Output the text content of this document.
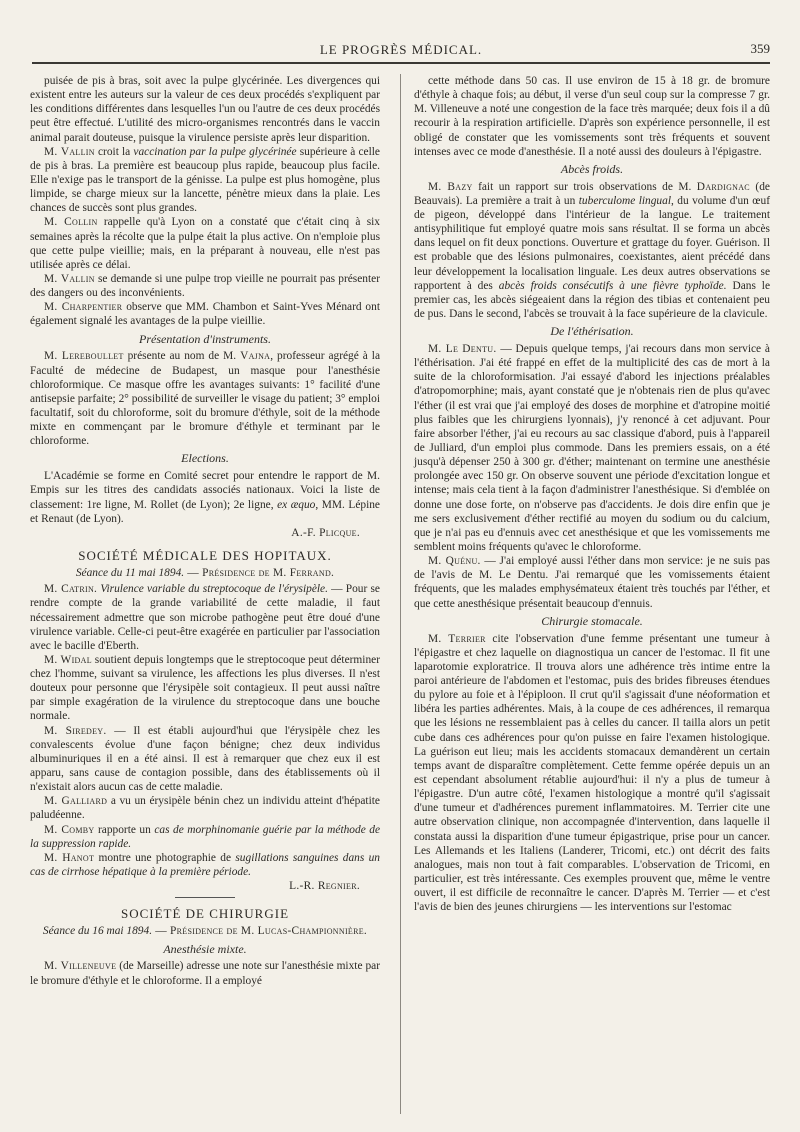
LE PROGRÈS MÉDICAL.	359

puisée de pis à bras, soit avec la pulpe glycérinée. Les divergences qui existent entre les auteurs sur la valeur de ces deux procédés s'expliquent par les conditions différentes dans lesquelles l'un ou l'autre de ces deux procédés peut être effectué. L'utilité des micro-organismes rencontrés dans le vaccin animal parait douteuse, puisque la virulence persiste après leur disparition.

M. Vallin croit la vaccination par la pulpe glycérinée supérieure à celle de pis à bras. La première est beaucoup plus rapide, beaucoup plus facile. Elle n'exige pas le transport de la génisse. La pulpe est plus homogène, plus limpide, se charge mieux sur la lancette, pénètre mieux dans la plaie. Les chances de succès sont plus grandes.

M. Collin rappelle qu'à Lyon on a constaté que c'était cinq à six semaines après la récolte que la pulpe était la plus active. On n'emploie plus que cette pulpe vieillie; mais, en la préparant à nouveau, elle n'est pas utilisée après ce délai.

M. Vallin se demande si une pulpe trop vieille ne pourrait pas présenter des dangers ou des inconvénients.

M. Charpentier observe que MM. Chambon et Saint-Yves Ménard ont également signalé les avantages de la pulpe vieillie.

Présentation d'instruments.

M. Lereboullet présente au nom de M. Vajna, professeur agrégé à la Faculté de médecine de Budapest, un masque pour l'anesthésie chloroformique. Ce masque offre les avantages suivants: 1° facilité d'une antisepsie parfaite; 2° possibilité de surveiller le visage du patient; 3° emploi facultatif, soit du chloroforme, soit du bromure d'éthyle, soit de la méthode mixte en commençant par le bromure d'éthyle et terminant par le chloroforme.

Elections.

L'Académie se forme en Comité secret pour entendre le rapport de M. Empis sur les titres des candidats associés nationaux. Voici la liste de classement: 1re ligne, M. Rollet (de Lyon); 2e ligne, ex æquo, MM. Lépine et Renaut (de Lyon).

A.-F. Plicque.

SOCIÉTÉ MÉDICALE DES HOPITAUX.

Séance du 11 mai 1894. — Présidence de M. Ferrand.

M. Catrin. Virulence variable du streptocoque de l'érysipèle. — Pour se rendre compte de la grande variabilité de cette maladie, il faut nécessairement admettre que son microbe pathogène peut être doué d'une virulence variable. Celle-ci peut-être exagérée en particulier par l'association avec le bacille d'Eberth.

M. Widal soutient depuis longtemps que le streptocoque peut déterminer chez l'homme, suivant sa virulence, les affections les plus diverses. Il n'est douteux pour personne que l'érysipèle soit contagieux. Il peut aussi naître par simple exagération de la virulence du streptocoque dans une bouche normale.

M. Siredey. — Il est établi aujourd'hui que l'érysipèle chez les convalescents évolue d'une façon bénigne; chez deux individus albuminuriques il en a été ainsi. Il est à remarquer que chez eux il est apparu, sans cause de contagion possible, dans des établissements où il n'existait alors aucun cas de cette maladie.

M. Galliard a vu un érysipèle bénin chez un individu atteint d'hépatite paludéenne.

M. Comby rapporte un cas de morphinomanie guérie par la méthode de la suppression rapide.

M. Hanot montre une photographie de sugillations sanguines dans un cas de cirrhose hépatique à la première période.

L.-R. Regnier.

SOCIÉTÉ DE CHIRURGIE

Séance du 16 mai 1894. — Présidence de M. Lucas-Championnière.

Anesthésie mixte.

M. Villeneuve (de Marseille) adresse une note sur l'anesthésie mixte par le bromure d'éthyle et le chloroforme. Il a employé

cette méthode dans 50 cas. Il use environ de 15 à 18 gr. de bromure d'éthyle à chaque fois; au début, il verse d'un seul coup sur la compresse 7 gr. M. Villeneuve a noté une congestion de la face très marquée; deux fois il a dû recourir à la respiration artificielle. D'après son expérience personnelle, il est obligé de constater que les vomissements sont très fréquents et souvent intenses avec ce mode d'anesthésie. Il a noté aussi des douleurs à l'épigastre.

Abcès froids.

M. Bazy fait un rapport sur trois observations de M. Dardignac (de Beauvais). La première a trait à un tuberculome lingual, du volume d'un œuf de pigeon, développé dans l'intérieur de la langue. Le traitement antisyphilitique fut employé quatre mois sans résultat. Il se forma un abcès dans lequel on fit deux ponctions. Ouverture et grattage du foyer. Guérison. Il est probable que des lésions pulmonaires, coexistantes, aient précédé dans leur développement la localisation linguale. Les deux autres observations se rapportent à des abcès froids consécutifs à une fièvre typhoïde. Dans le premier cas, les abcès siégeaient dans la région des tibias et contenaient peu de pus. Dans le second, l'abcès se trouvait à la face supérieure de la clavicule.

De l'éthérisation.

M. Le Dentu. — Depuis quelque temps, j'ai recours dans mon service à l'éthérisation. J'ai été frappé en effet de la multiplicité des cas de mort à la suite de la chloroformisation. J'ai essayé d'abord les injections préalables d'atropomorphine; mais, ayant constaté que je n'obtenais rien de plus qu'avec l'éther (il est vrai que j'ai employé des doses de morphine et d'atropine moitié plus faibles que les chirurgiens lyonnais), j'y renoncé à cet adjuvant. Pour faire absorber l'éther, j'ai eu recours au sac classique d'abord, puis à l'appareil de Julliard, d'un emploi plus commode. Dans les premiers essais, on a été jusqu'à dépenser 250 à 300 gr. d'éther; maintenant on termine une anesthésie prolongée avec 150 gr. On observe souvent une période d'excitation longue et intense; mais cela tient à la façon d'administrer l'anesthésique. Si d'emblée on donne une dose forte, on n'observe pas d'accidents. Je dois dire enfin que je me sers exclusivement d'éther rectifié au moyen du sodium ou du calcium, que je n'ai pas eu d'ennuis avec cet anesthésique et que les vomissements me semblent moins fréquents qu'avec le chloroforme.

M. Quénu. — J'ai employé aussi l'éther dans mon service: je ne suis pas de l'avis de M. Le Dentu. J'ai remarqué que les vomissements étaient fréquents, que les malades emphysémateux étaient très touchés par l'éther, et que cette anesthésique présentait beaucoup d'ennuis.

Chirurgie stomacale.

M. Terrier cite l'observation d'une femme présentant une tumeur à l'épigastre et chez laquelle on diagnostiqua un cancer de l'estomac. Il fit une laparotomie exploratrice. Il trouva alors une adhérence très intime entre la paroi antérieure de l'abdomen et l'estomac, puis des brides fibreuses étendues du pylore au foie et à l'épiploon. Il crut qu'il s'agissait d'une néoformation et libéra les parties adhérentes. Mais, à la coupe de ces adhérences, il remarqua que les lésions ne ressemblaient pas à celles du cancer. Il tailla alors un petit cube dans ces adhérences pour qu'on puisse en faire l'examen histologique. La guérison eut lieu; mais les accidents stomacaux demandèrent un certain temps avant de disparaître complètement. Cette femme opérée depuis un an est cependant absolument rétablie aujourd'hui: il n'y a plus de tumeur à l'épigastre. D'un autre côté, l'examen histologique a montré qu'il s'agissait d'une tumeur et d'adhérences purement inflammatoires. M. Terrier cite une autre observation clinique, non accompagnée d'intervention, dans laquelle il constata aussi la disparition d'une tumeur épigastrique, prise pour un cancer. Les Allemands et les Italiens (Landerer, Tricomi, etc.) ont décrit des faits analogues, mais non tout à fait comparables. L'observation de Tricomi, en particulier, est très intéressante. Ces exemples prouvent que, même le ventre ouvert, il est difficile de reconnaître le cancer. D'après M. Terrier — et c'est l'avis de bien des jeunes chirurgiens — les interventions sur l'estomac
